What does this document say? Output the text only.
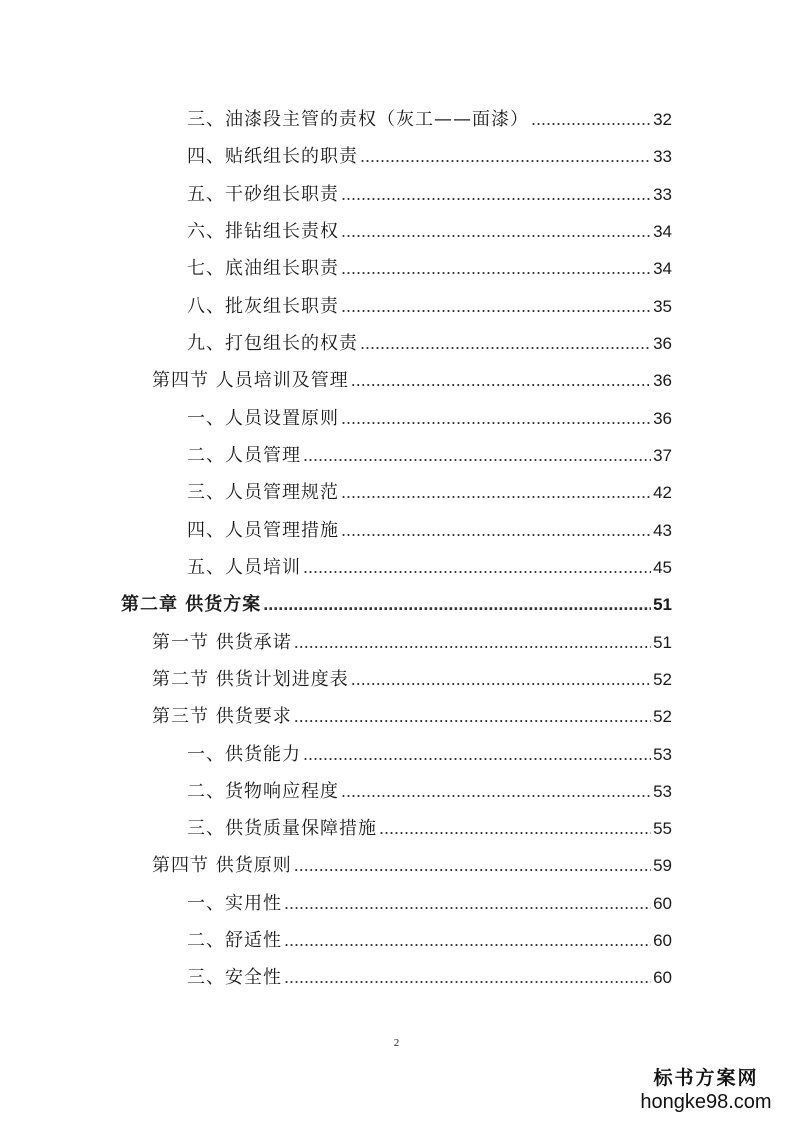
三、油漆段主管的责权（灰工——面漆） .....	32
四、贴纸组长的职责 .....	33
五、干砂组长职责 .....	33
六、排钻组长责权 .....	34
七、底油组长职责 .....	34
八、批灰组长职责 .....	35
九、打包组长的权责 .....	36
第四节 人员培训及管理 .....	36
一、人员设置原则 .....	36
二、人员管理 .....	37
三、人员管理规范 .....	42
四、人员管理措施 .....	43
五、人员培训 .....	45
第二章 供货方案 .....	51
第一节 供货承诺 .....	51
第二节 供货计划进度表 .....	52
第三节 供货要求 .....	52
一、供货能力 .....	53
二、货物响应程度 .....	53
三、供货质量保障措施 .....	55
第四节 供货原则 .....	59
一、实用性 .....	60
二、舒适性 .....	60
三、安全性 .....	60
2
标书方案网
hongke98.com
